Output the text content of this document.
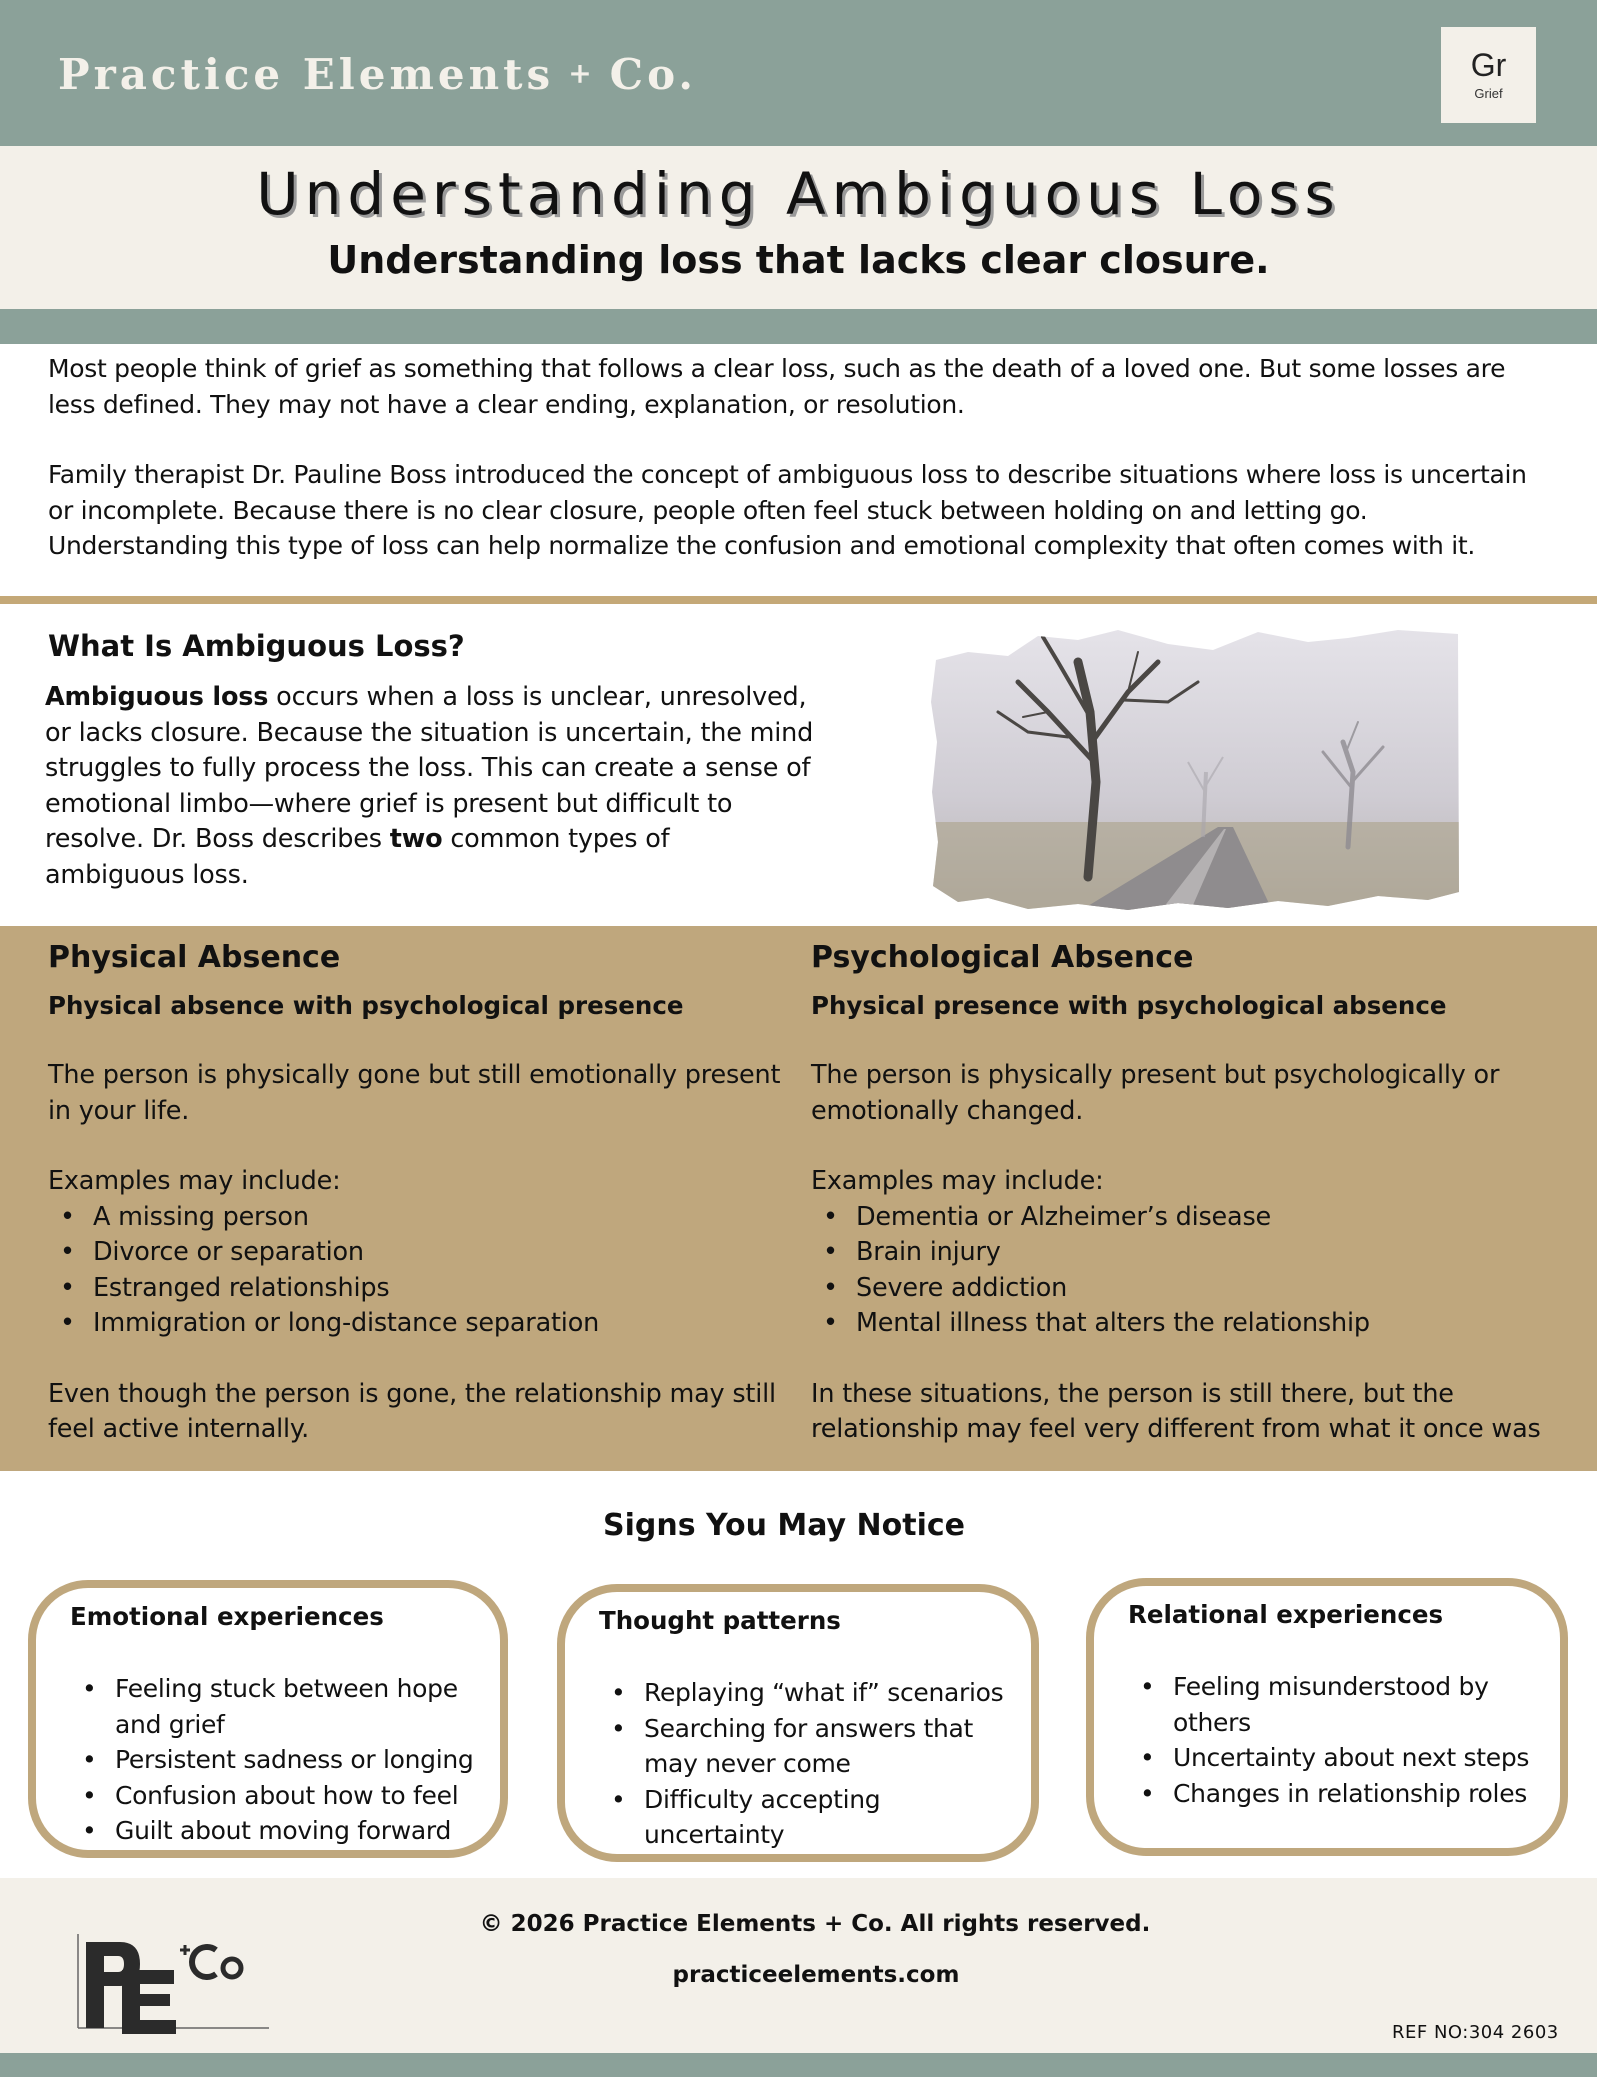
Practice Elements + Co.	Gr
Grief
Understanding Ambiguous Loss
Understanding loss that lacks clear closure.

Most people think of grief as something that follows a clear loss, such as the death of a loved one. But some losses are less defined. They may not have a clear ending, explanation, or resolution.

Family therapist Dr. Pauline Boss introduced the concept of ambiguous loss to describe situations where loss is uncertain or incomplete. Because there is no clear closure, people often feel stuck between holding on and letting go. Understanding this type of loss can help normalize the confusion and emotional complexity that often comes with it.

What Is Ambiguous Loss?
Ambiguous loss occurs when a loss is unclear, unresolved, or lacks closure. Because the situation is uncertain, the mind struggles to fully process the loss. This can create a sense of emotional limbo—where grief is present but difficult to resolve. Dr. Boss describes two common types of ambiguous loss.
Physical Absence
Physical absence with psychological presence
The person is physically gone but still emotionally present in your life.
Examples may include:
• A missing person
• Divorce or separation
• Estranged relationships
• Immigration or long-distance separation
Even though the person is gone, the relationship may still feel active internally.
Psychological Absence
Physical presence with psychological absence
The person is physically present but psychologically or emotionally changed.
Examples may include:
• Dementia or Alzheimer’s disease
• Brain injury
• Severe addiction
• Mental illness that alters the relationship
In these situations, the person is still there, but the relationship may feel very different from what it once was
Signs You May Notice
Emotional experiences
• Feeling stuck between hope and grief
• Persistent sadness or longing
• Confusion about how to feel
• Guilt about moving forward
Thought patterns
• Replaying “what if” scenarios
• Searching for answers that may never come
• Difficulty accepting uncertainty
Relational experiences
• Feeling misunderstood by others
• Uncertainty about next steps
• Changes in relationship roles
© 2026 Practice Elements + Co. All rights reserved.
practiceelements.com
REF NO:304 2603
